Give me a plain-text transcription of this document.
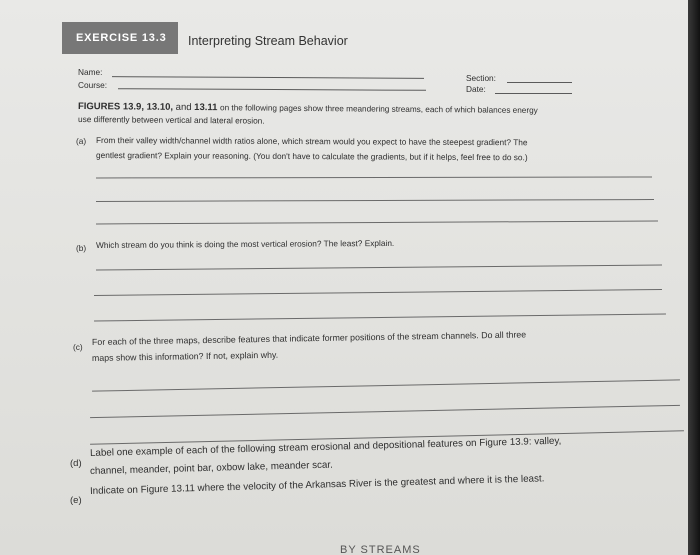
EXERCISE 13.3	Interpreting Stream Behavior
Name:
Course:
Section:
Date:
FIGURES 13.9, 13.10, and 13.11 on the following pages show three meandering streams, each of which balances energy
use differently between vertical and lateral erosion.
(a) From their valley width/channel width ratios alone, which stream would you expect to have the steepest gradient? The
gentlest gradient? Explain your reasoning. (You don't have to calculate the gradients, but if it helps, feel free to do so.)
(b) Which stream do you think is doing the most vertical erosion? The least? Explain.
(c)
For each of the three maps, describe features that indicate former positions of the stream channels. Do all three
maps show this information? If not, explain why.
(d)
Label one example of each of the following stream erosional and depositional features on Figure 13.9: valley,
channel, meander, point bar, oxbow lake, meander scar.
(e)
Indicate on Figure 13.11 where the velocity of the Arkansas River is the greatest and where it is the least.
BY STREAMS
